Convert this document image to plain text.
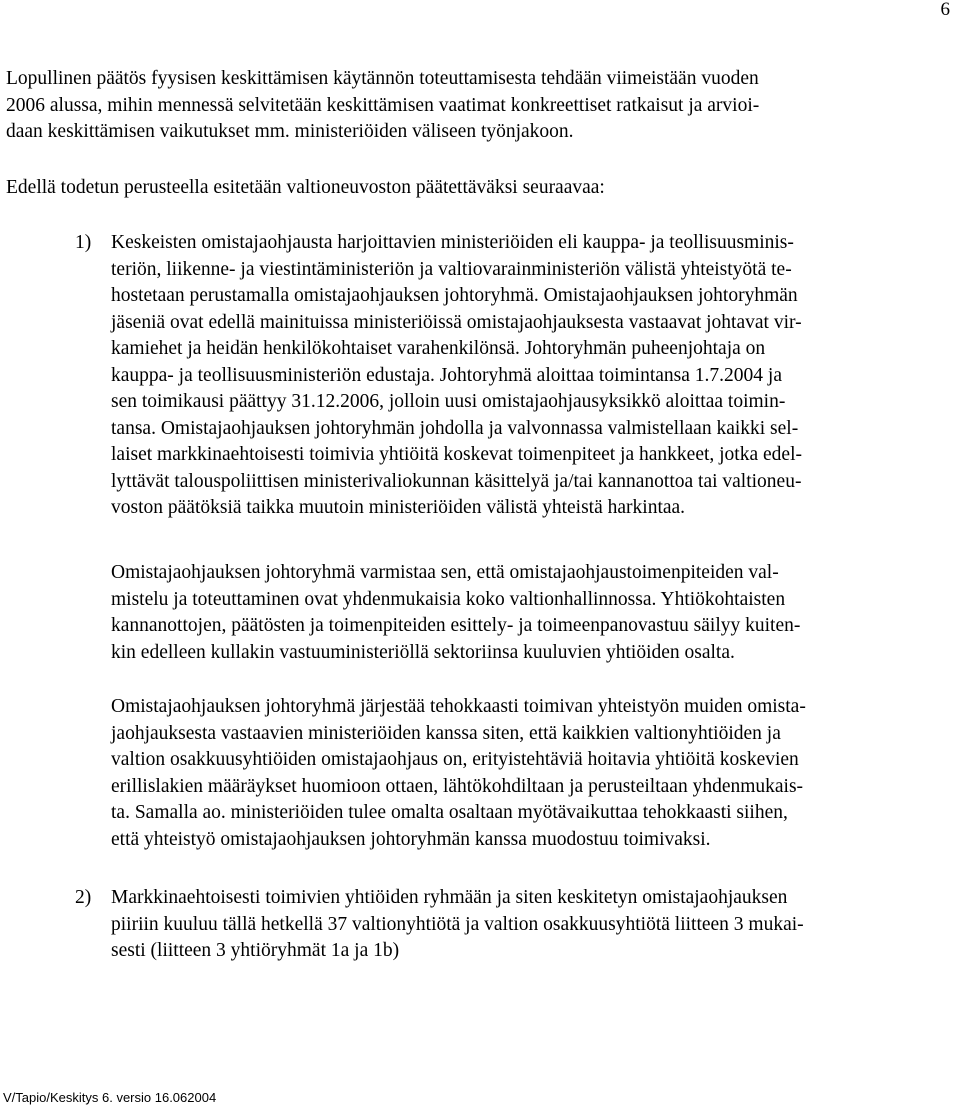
6

Lopullinen päätös fyysisen keskittämisen käytännön toteuttamisesta tehdään viimeistään vuoden
2006 alussa, mihin mennessä selvitetään keskittämisen vaatimat konkreettiset ratkaisut ja arvioi-
daan keskittämisen vaikutukset mm. ministeriöiden väliseen työnjakoon.

Edellä todetun perusteella esitetään valtioneuvoston päätettäväksi seuraavaa:

1) Keskeisten omistajaohjausta harjoittavien ministeriöiden eli kauppa- ja teollisuusminis-
teriön, liikenne- ja viestintäministeriön ja valtiovarainministeriön välistä yhteistyötä te-
hostetaan perustamalla omistajaohjauksen johtoryhmä. Omistajaohjauksen johtoryhmän
jäseniä ovat edellä mainituissa ministeriöissä omistajaohjauksesta vastaavat johtavat vir-
kamiehet ja heidän henkilökohtaiset varahenkilönsä. Johtoryhmän puheenjohtaja on
kauppa- ja teollisuusministeriön edustaja. Johtoryhmä aloittaa toimintansa 1.7.2004 ja
sen toimikausi päättyy 31.12.2006, jolloin uusi omistajaohjausyksikkö aloittaa toimin-
tansa. Omistajaohjauksen johtoryhmän johdolla ja valvonnassa valmistellaan kaikki sel-
laiset markkinaehtoisesti toimivia yhtiöitä koskevat toimenpiteet ja hankkeet, jotka edel-
lyttävät talouspoliittisen ministerivaliokunnan käsittelyä ja/tai kannanottoa tai valtioneu-
voston päätöksiä taikka muutoin ministeriöiden välistä yhteistä harkintaa.

Omistajaohjauksen johtoryhmä varmistaa sen, että omistajaohjaustoimenpiteiden val-
mistelu ja toteuttaminen ovat yhdenmukaisia koko valtionhallinnossa. Yhtiökohtaisten
kannanottojen, päätösten ja toimenpiteiden esittely- ja toimeenpanovastuu säilyy kuiten-
kin edelleen kullakin vastuuministeriöllä sektoriinsa kuuluvien yhtiöiden osalta.

Omistajaohjauksen johtoryhmä järjestää tehokkaasti toimivan yhteistyön muiden omista-
jaohjauksesta vastaavien ministeriöiden kanssa siten, että kaikkien valtionyhtiöiden ja
valtion osakkuusyhtiöiden omistajaohjaus on, erityistehtäviä hoitavia yhtiöitä koskevien
erillislakien määräykset huomioon ottaen, lähtökohdiltaan ja perusteiltaan yhdenmukais-
ta. Samalla ao. ministeriöiden tulee omalta osaltaan myötävaikuttaa tehokkaasti siihen,
että yhteistyö omistajaohjauksen johtoryhmän kanssa muodostuu toimivaksi.

2) Markkinaehtoisesti toimivien yhtiöiden ryhmään ja siten keskitetyn omistajaohjauksen
piiriin kuuluu tällä hetkellä 37 valtionyhtiötä ja valtion osakkuusyhtiötä liitteen 3 mukai-
sesti (liitteen 3 yhtiöryhmät 1a ja 1b)

V/Tapio/Keskitys 6. versio 16.062004
